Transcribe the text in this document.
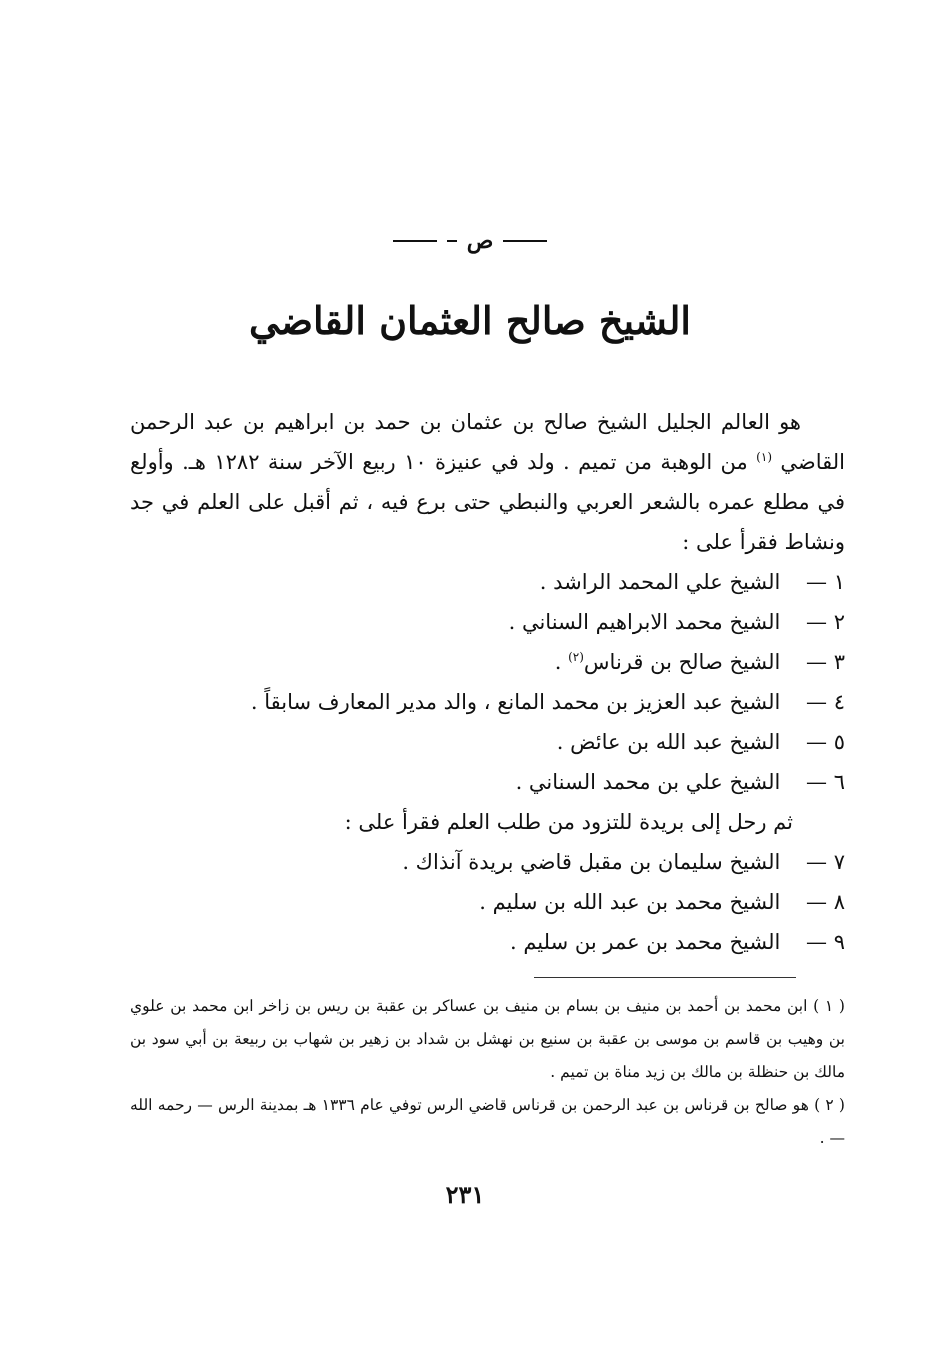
ص
الشيخ صالح العثمان القاضي

هو العالم الجليل الشيخ صالح بن عثمان بن حمد بن ابراهيم بن عبد الرحمن القاضي $^{(١)}$ من الوهبة من تميم . ولد في عنيزة ١٠ ربيع الآخر سنة ١٢٨٢ هـ. وأولع في مطلع عمره بالشعر العربي والنبطي حتى برع فيه ، ثم أقبل على العلم في جد ونشاط فقرأ على :

١ — الشيخ علي المحمد الراشد .

٢ — الشيخ محمد الابراهيم السناني .

٣ — الشيخ صالح بن قرناس$^{(٢)}$ .

٤ — الشيخ عبد العزيز بن محمد المانع ، والد مدير المعارف سابقاً .

٥ — الشيخ عبد الله بن عائض .

٦ — الشيخ علي بن محمد السناني .

ثم رحل إلى بريدة للتزود من طلب العلم فقرأ على :

٧ — الشيخ سليمان بن مقبل قاضي بريدة آنذاك .

٨ — الشيخ محمد بن عبد الله بن سليم .

٩ — الشيخ محمد بن عمر بن سليم .

( ١ ) ابن محمد بن أحمد بن منيف بن بسام بن منيف بن عساكر بن عقبة بن ريس بن زاخر ابن محمد بن علوي بن وهيب بن قاسم بن موسى بن عقبة بن سنيع بن نهشل بن شداد بن زهير بن شهاب بن ربيعة بن أبي سود بن مالك بن حنظلة بن مالك بن زيد مناة بن تميم .

( ٢ ) هو صالح بن قرناس بن عبد الرحمن بن قرناس قاضي الرس توفي عام ١٣٣٦ هـ بمدينة الرس — رحمه الله — .

٢٣١
